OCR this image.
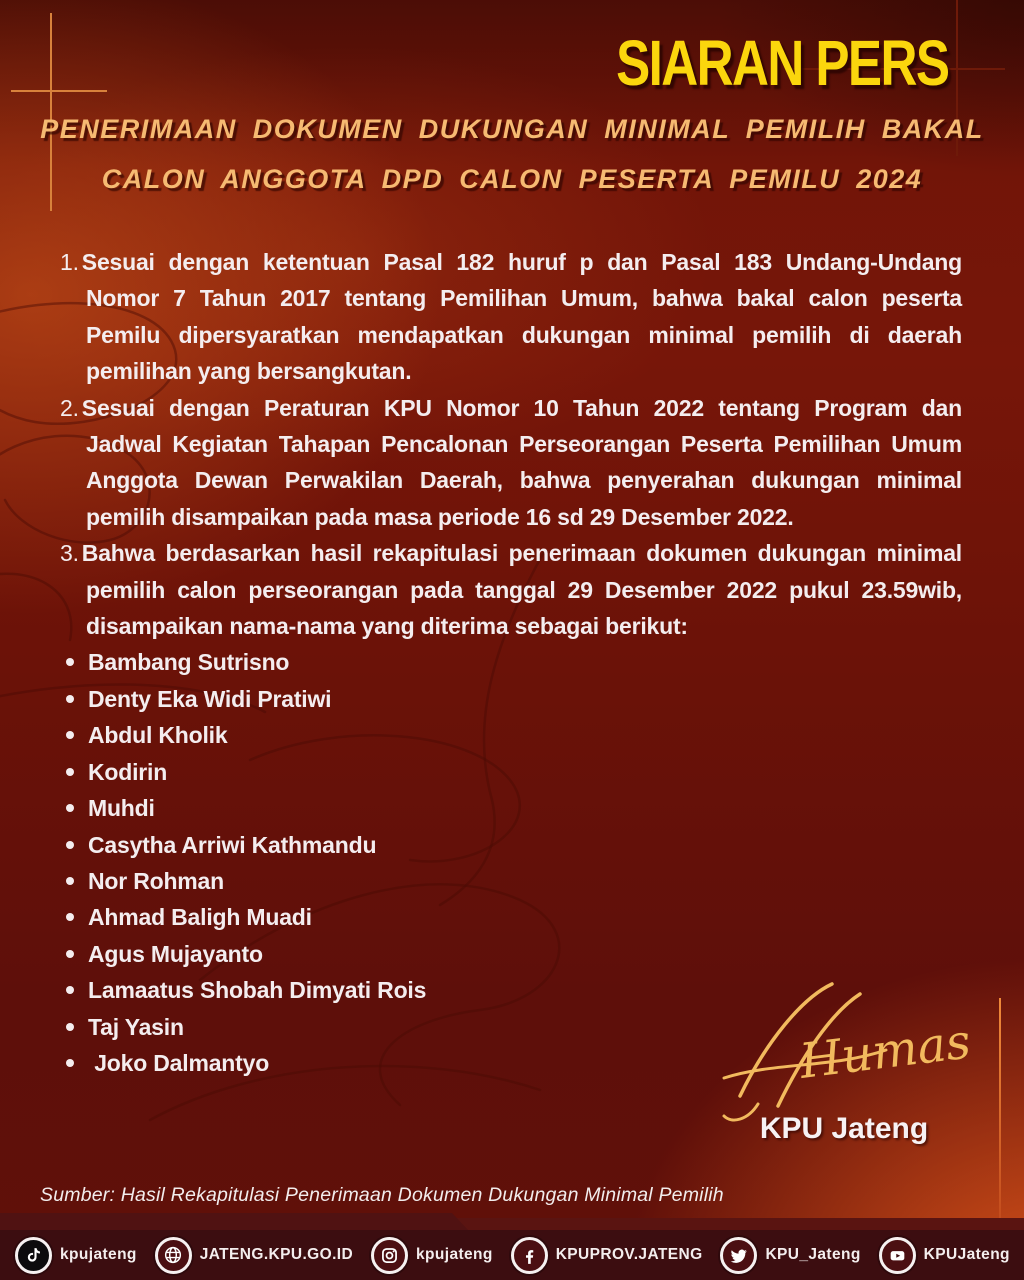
SIARAN PERS
PENERIMAAN DOKUMEN DUKUNGAN MINIMAL PEMILIH BAKAL
CALON ANGGOTA DPD CALON PESERTA PEMILU 2024
1. Sesuai dengan ketentuan Pasal 182 huruf p dan Pasal 183 Undang-Undang Nomor 7 Tahun 2017 tentang Pemilihan Umum, bahwa bakal calon peserta Pemilu dipersyaratkan mendapatkan dukungan minimal pemilih di daerah pemilihan yang bersangkutan.
2. Sesuai dengan Peraturan KPU Nomor 10 Tahun 2022 tentang Program dan Jadwal Kegiatan Tahapan Pencalonan Perseorangan Peserta Pemilihan Umum Anggota Dewan Perwakilan Daerah, bahwa penyerahan dukungan minimal pemilih disampaikan pada masa periode 16 sd 29 Desember 2022.
3. Bahwa berdasarkan hasil rekapitulasi penerimaan dokumen dukungan minimal pemilih calon perseorangan pada tanggal 29 Desember 2022 pukul 23.59wib, disampaikan nama-nama yang diterima sebagai berikut:
Bambang Sutrisno
Denty Eka Widi Pratiwi
Abdul Kholik
Kodirin
Muhdi
Casytha Arriwi Kathmandu
Nor Rohman
Ahmad Baligh Muadi
Agus Mujayanto
Lamaatus Shobah Dimyati Rois
Taj Yasin
Joko Dalmantyo	Humas
KPU Jateng
Sumber: Hasil Rekapitulasi Penerimaan Dokumen Dukungan Minimal Pemilih
kpujateng	JATENG.KPU.GO.ID	kpujateng	KPUPROV.JATENG	KPU_Jateng	KPUJateng
